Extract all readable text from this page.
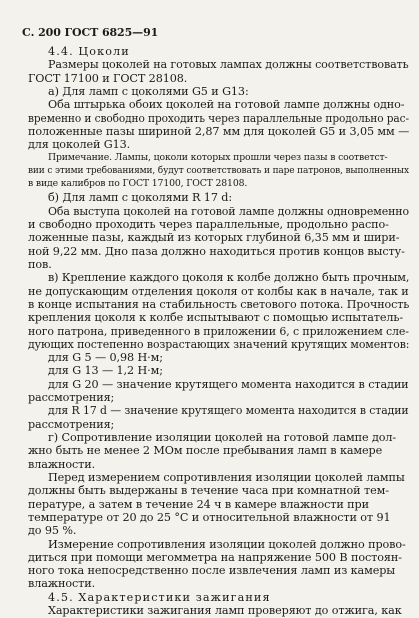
С. 200 ГОСТ 6825—91
4.4. Цоколи
Размеры цоколей на готовых лампах должны соответствовать
ГОСТ 17100 и ГОСТ 28108.
а) Для ламп с цоколями G5 и G13:
Оба штырька обоих цоколей на готовой лампе должны одно-
временно и свободно проходить через параллельные продольно рас-
положенные пазы шириной 2,87 мм для цоколей G5 и 3,05 мм —
для цоколей G13.
Примечание. Лампы, цоколи которых прошли через пазы в соответст-
вии с этими требованиями, будут соответствовать и паре патронов, выполненных
в виде калибров по ГОСТ 17100, ГОСТ 28108.
б) Для ламп с цоколями R 17 d:
Оба выступа цоколей на готовой лампе должны одновременно
и свободно проходить через параллельные, продольно распо-
ложенные пазы, каждый из которых глубиной 6,35 мм и шири-
ной 9,22 мм. Дно паза должно находиться против концов высту-
пов.
в) Крепление каждого цоколя к колбе должно быть прочным,
не допускающим отделения цоколя от колбы как в начале, так и
в конце испытания на стабильность светового потока. Прочность
крепления цоколя к колбе испытывают с помощью испытатель-
ного патрона, приведенного в приложении 6, с приложением сле-
дующих постепенно возрастающих значений крутящих моментов:
для G 5 — 0,98 Н·м;
для G 13 — 1,2 Н·м;
для G 20 — значение крутящего момента находится в стадии
рассмотрения;
для R 17 d — значение крутящего момента находится в стадии
рассмотрения;
г) Сопротивление изоляции цоколей на готовой лампе дол-
жно быть не менее 2 МОм после пребывания ламп в камере
влажности.
Перед измерением сопротивления изоляции цоколей лампы
должны быть выдержаны в течение часа при комнатной тем-
пературе, а затем в течение 24 ч в камере влажности при
температуре от 20 до 25 °С и относительной влажности от 91
до 95 %.
Измерение сопротивления изоляции цоколей должно прово-
диться при помощи мегомметра на напряжение 500 В постоян-
ного тока непосредственно после извлечения ламп из камеры
влажности.
4.5. Характеристики зажигания
Характеристики зажигания ламп проверяют до отжига, как
